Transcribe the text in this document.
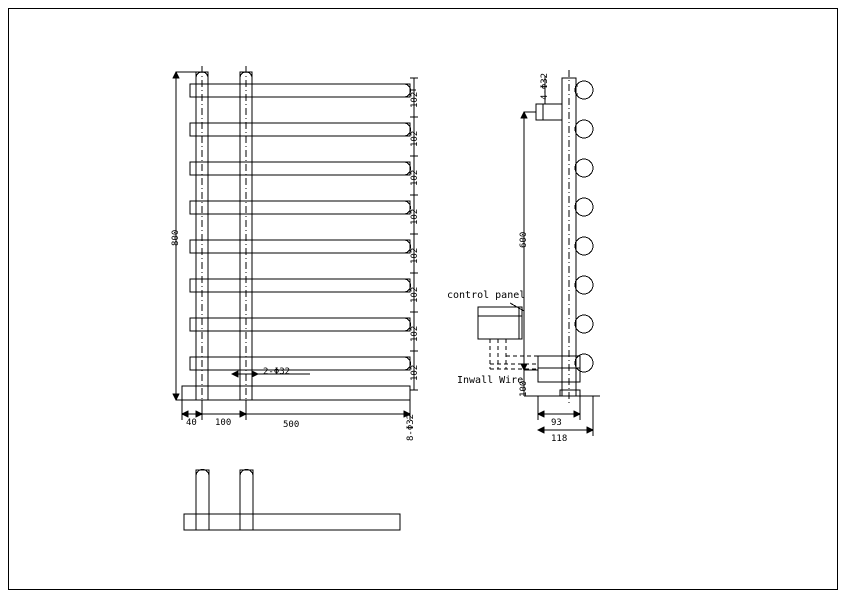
800
102
102
102
102
102
102
102
102
40 100	500
2-Φ32
8-Φ32
600
100
4-Φ32
93
118
control panel
Inwall Wire
